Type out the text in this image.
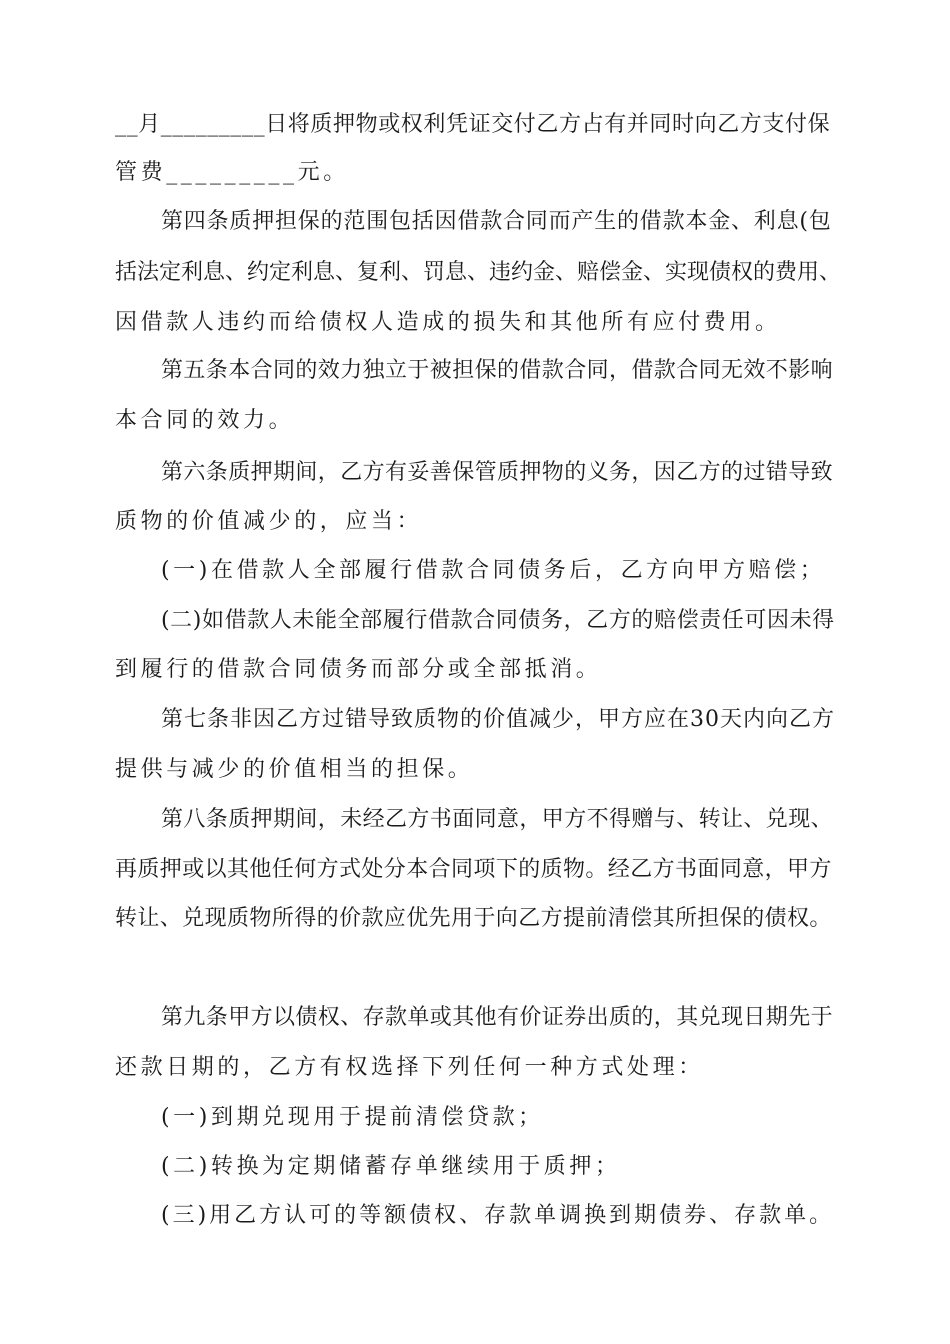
__月_________日将质押物或权利凭证交付乙方占有并同时向乙方支付保
管费_________元。
第四条质押担保的范围包括因借款合同而产生的借款本金、利息(包
括法定利息、约定利息、复利、罚息、违约金、赔偿金、实现债权的费用、
因借款人违约而给债权人造成的损失和其他所有应付费用。
第五条本合同的效力独立于被担保的借款合同，借款合同无效不影响
本合同的效力。
第六条质押期间，乙方有妥善保管质押物的义务，因乙方的过错导致
质物的价值减少的，应当：
(一)在借款人全部履行借款合同债务后，乙方向甲方赔偿；
(二)如借款人未能全部履行借款合同债务，乙方的赔偿责任可因未得
到履行的借款合同债务而部分或全部抵消。
第七条非因乙方过错导致质物的价值减少，甲方应在30天内向乙方
提供与减少的价值相当的担保。
第八条质押期间，未经乙方书面同意，甲方不得赠与、转让、兑现、
再质押或以其他任何方式处分本合同项下的质物。经乙方书面同意，甲方
转让、兑现质物所得的价款应优先用于向乙方提前清偿其所担保的债权。
第九条甲方以债权、存款单或其他有价证券出质的，其兑现日期先于
还款日期的，乙方有权选择下列任何一种方式处理：
(一)到期兑现用于提前清偿贷款；
(二)转换为定期储蓄存单继续用于质押；
(三)用乙方认可的等额债权、存款单调换到期债券、存款单。
